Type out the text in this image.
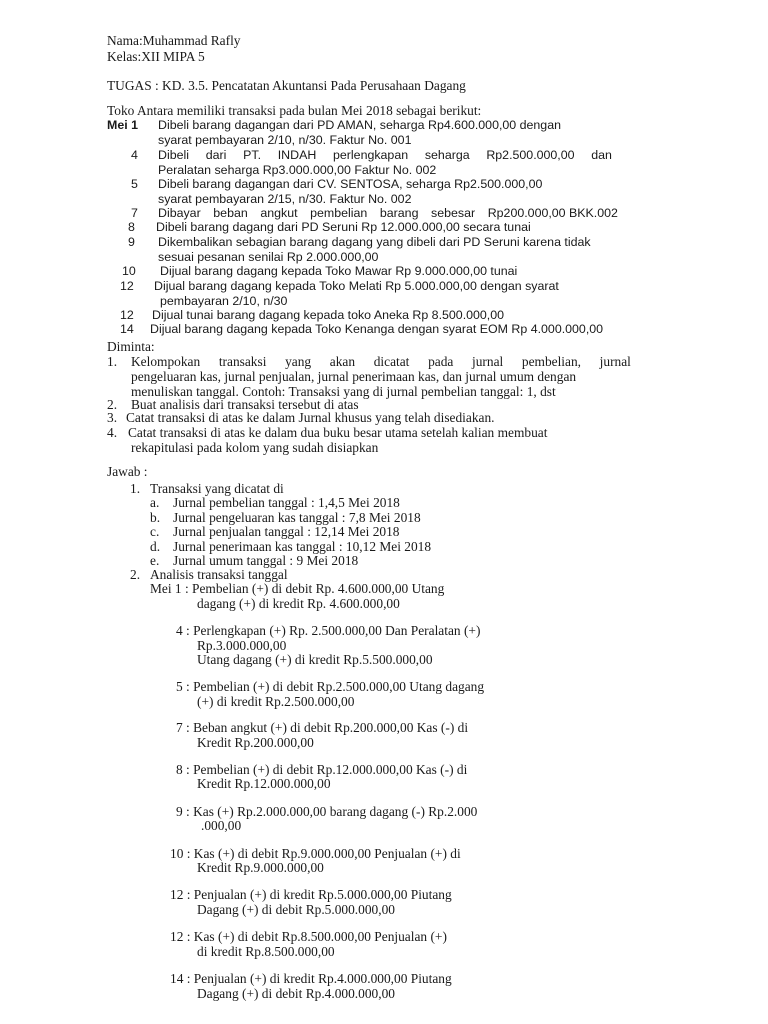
Nama:Muhammad Rafly
Kelas:XII MIPA 5
TUGAS : KD. 3.5. Pencatatan Akuntansi Pada Perusahaan Dagang
Toko Antara memiliki transaksi pada bulan Mei 2018 sebagai berikut:
Mei 1 Dibeli barang dagangan dari PD AMAN, seharga Rp4.600.000,00 dengan
syarat pembayaran 2/10, n/30. Faktur No. 001
4 Dibeli dari PT. INDAH perlengkapan seharga Rp2.500.000,00 dan
Peralatan seharga Rp3.000.000,00 Faktur No. 002
5 Dibeli barang dagangan dari CV. SENTOSA, seharga Rp2.500.000,00
syarat pembayaran 2/15, n/30. Faktur No. 002
7 Dibayar beban angkut pembelian barang sebesar Rp200.000,00 BKK.002
8 Dibeli barang dagang dari PD Seruni Rp 12.000.000,00 secara tunai
9 Dikembalikan sebagian barang dagang yang dibeli dari PD Seruni karena tidak
sesuai pesanan senilai Rp 2.000.000,00
10 Dijual barang dagang kepada Toko Mawar Rp 9.000.000,00 tunai
12 Dijual barang dagang kepada Toko Melati Rp 5.000.000,00 dengan syarat
pembayaran 2/10, n/30
12 Dijual tunai barang dagang kepada toko Aneka Rp 8.500.000,00
14 Dijual barang dagang kepada Toko Kenanga dengan syarat EOM Rp 4.000.000,00
Diminta:
1. Kelompokan transaksi yang akan dicatat pada jurnal pembelian, jurnal
pengeluaran kas, jurnal penjualan, jurnal penerimaan kas, dan jurnal umum dengan
menuliskan tanggal. Contoh: Transaksi yang di jurnal pembelian tanggal: 1, dst
2. Buat analisis dari transaksi tersebut di atas
3. Catat transaksi di atas ke dalam Jurnal khusus yang telah disediakan.
4. Catat transaksi di atas ke dalam dua buku besar utama setelah kalian membuat
rekapitulasi pada kolom yang sudah disiapkan
Jawab :
1. Transaksi yang dicatat di
a. Jurnal pembelian tanggal : 1,4,5 Mei 2018
b. Jurnal pengeluaran kas tanggal : 7,8 Mei 2018
c. Jurnal penjualan tanggal : 12,14 Mei 2018
d. Jurnal penerimaan kas tanggal : 10,12 Mei 2018
e. Jurnal umum tanggal : 9 Mei 2018
2. Analisis transaksi tanggal
Mei 1 : Pembelian (+) di debit Rp. 4.600.000,00 Utang
dagang (+) di kredit Rp. 4.600.000,00
4 : Perlengkapan (+) Rp. 2.500.000,00 Dan Peralatan (+)
Rp.3.000.000,00
Utang dagang (+) di kredit Rp.5.500.000,00
5 : Pembelian (+) di debit Rp.2.500.000,00 Utang dagang
(+) di kredit Rp.2.500.000,00
7 : Beban angkut (+) di debit Rp.200.000,00 Kas (-) di
Kredit Rp.200.000,00
8 : Pembelian (+) di debit Rp.12.000.000,00 Kas (-) di
Kredit Rp.12.000.000,00
9 : Kas (+) Rp.2.000.000,00 barang dagang (-) Rp.2.000
.000,00
10 : Kas (+) di debit Rp.9.000.000,00 Penjualan (+) di
Kredit Rp.9.000.000,00
12 : Penjualan (+) di kredit Rp.5.000.000,00 Piutang
Dagang (+) di debit Rp.5.000.000,00
12 : Kas (+) di debit Rp.8.500.000,00 Penjualan (+)
di kredit Rp.8.500.000,00
14 : Penjualan (+) di kredit Rp.4.000.000,00 Piutang
Dagang (+) di debit Rp.4.000.000,00
